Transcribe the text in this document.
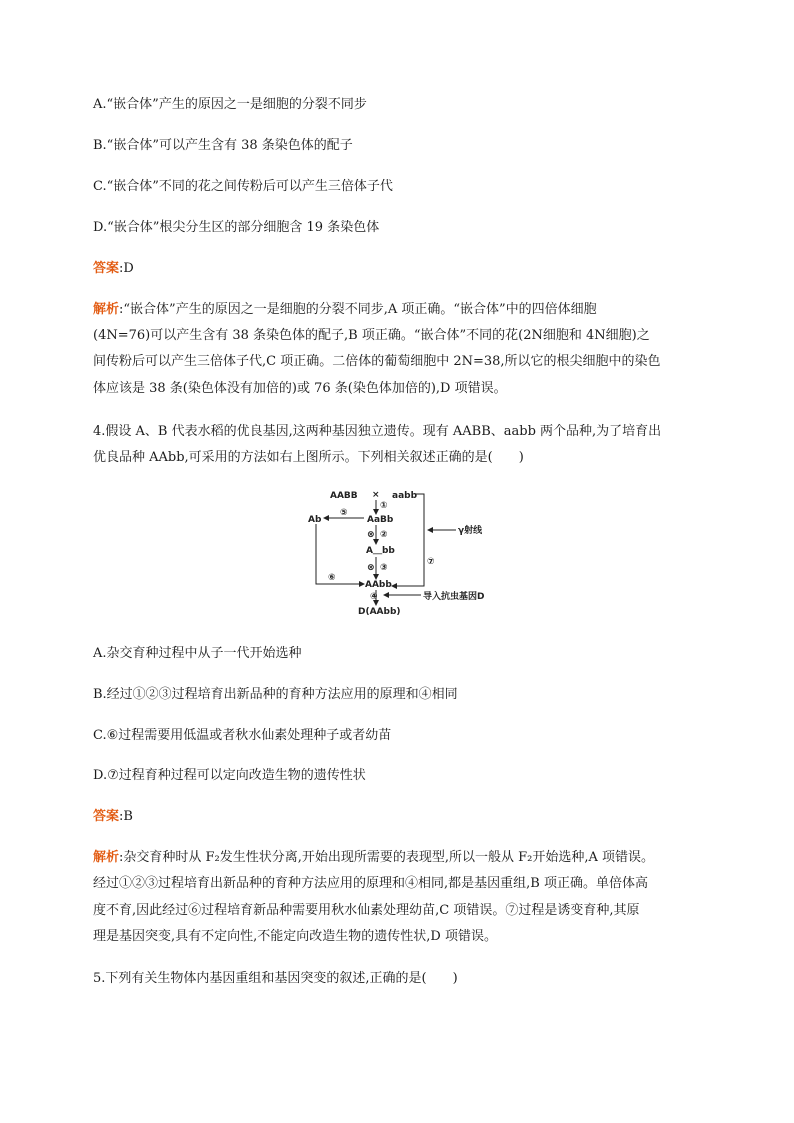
A.“嵌合体”产生的原因之一是细胞的分裂不同步
B.“嵌合体”可以产生含有 38 条染色体的配子
C.“嵌合体”不同的花之间传粉后可以产生三倍体子代
D.“嵌合体”根尖分生区的部分细胞含 19 条染色体
答案:D
解析:“嵌合体”产生的原因之一是细胞的分裂不同步,A 项正确。“嵌合体”中的四倍体细胞
(4N=76)可以产生含有 38 条染色体的配子,B 项正确。“嵌合体”不同的花(2N细胞和 4N细胞)之
间传粉后可以产生三倍体子代,C 项正确。二倍体的葡萄细胞中 2N=38,所以它的根尖细胞中的染色
体应该是 38 条(染色体没有加倍的)或 76 条(染色体加倍的),D 项错误。
4.假设 A、B 代表水稻的优良基因,这两种基因独立遗传。现有 AABB、aabb 两个品种,为了培育出
优良品种 AAbb,可采用的方法如右上图所示。下列相关叙述正确的是(　　)
AABB × aabb
①
AaBb
⊗ ②
A＿bb
⊗ ③
AAbb
④
D(AAbb)
Ab
⑤
⑥
⑦
γ射线
导入抗虫基因D
A.杂交育种过程中从子一代开始选种
B.经过①②③过程培育出新品种的育种方法应用的原理和④相同
C.⑥过程需要用低温或者秋水仙素处理种子或者幼苗
D.⑦过程育种过程可以定向改造生物的遗传性状
答案:B
解析:杂交育种时从 F₂发生性状分离,开始出现所需要的表现型,所以一般从 F₂开始选种,A 项错误。
经过①②③过程培育出新品种的育种方法应用的原理和④相同,都是基因重组,B 项正确。单倍体高
度不育,因此经过⑥过程培育新品种需要用秋水仙素处理幼苗,C 项错误。⑦过程是诱变育种,其原
理是基因突变,具有不定向性,不能定向改造生物的遗传性状,D 项错误。
5.下列有关生物体内基因重组和基因突变的叙述,正确的是(　　)
